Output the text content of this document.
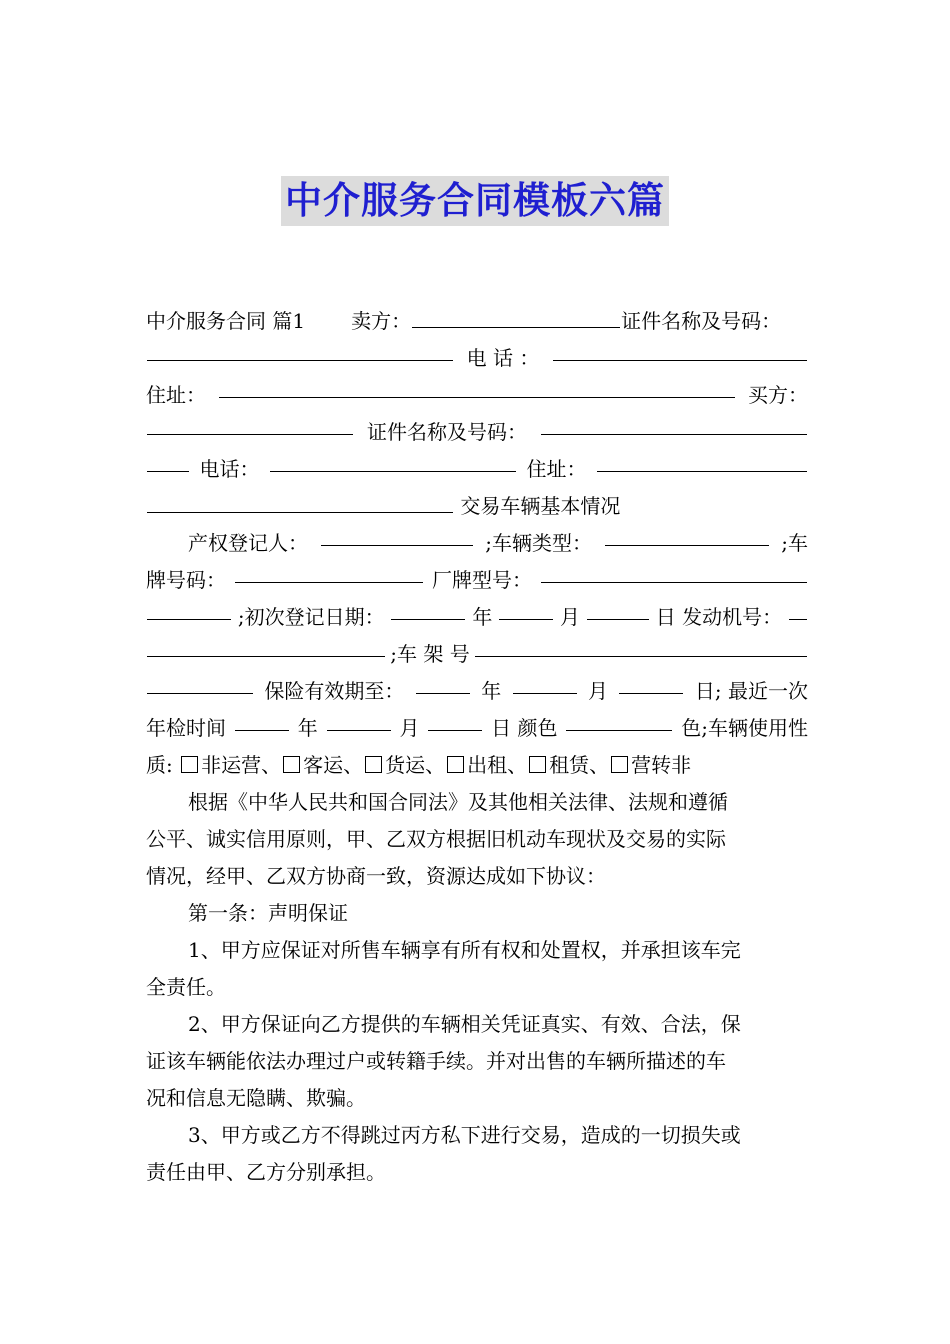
中介服务合同模板六篇
中介服务合同 篇1 卖方：	证件名称及号码：
电 话 ：
住址：	买方：
证件名称及号码：
电话：	住址：
交易车辆基本情况
产权登记人：	;车辆类型：	;车
牌号码：	厂牌型号：
;初次登记日期：	年	月	日 发动机号：
;车 架 号
保险有效期至：	年	月	日; 最近一次
年检时间	年	月	日 颜色	色;车辆使用性
质: 非运营、 客运、 货运、 出租、 租赁、 营转非
根据《中华人民共和国合同法》及其他相关法律、法规和遵循
公平、诚实信用原则，甲、乙双方根据旧机动车现状及交易的实际
情况，经甲、乙双方协商一致，资源达成如下协议：
第一条：声明保证
1、甲方应保证对所售车辆享有所有权和处置权，并承担该车完
全责任。
2、甲方保证向乙方提供的车辆相关凭证真实、有效、合法，保
证该车辆能依法办理过户或转籍手续。并对出售的车辆所描述的车
况和信息无隐瞒、欺骗。
3、甲方或乙方不得跳过丙方私下进行交易，造成的一切损失或
责任由甲、乙方分别承担。
